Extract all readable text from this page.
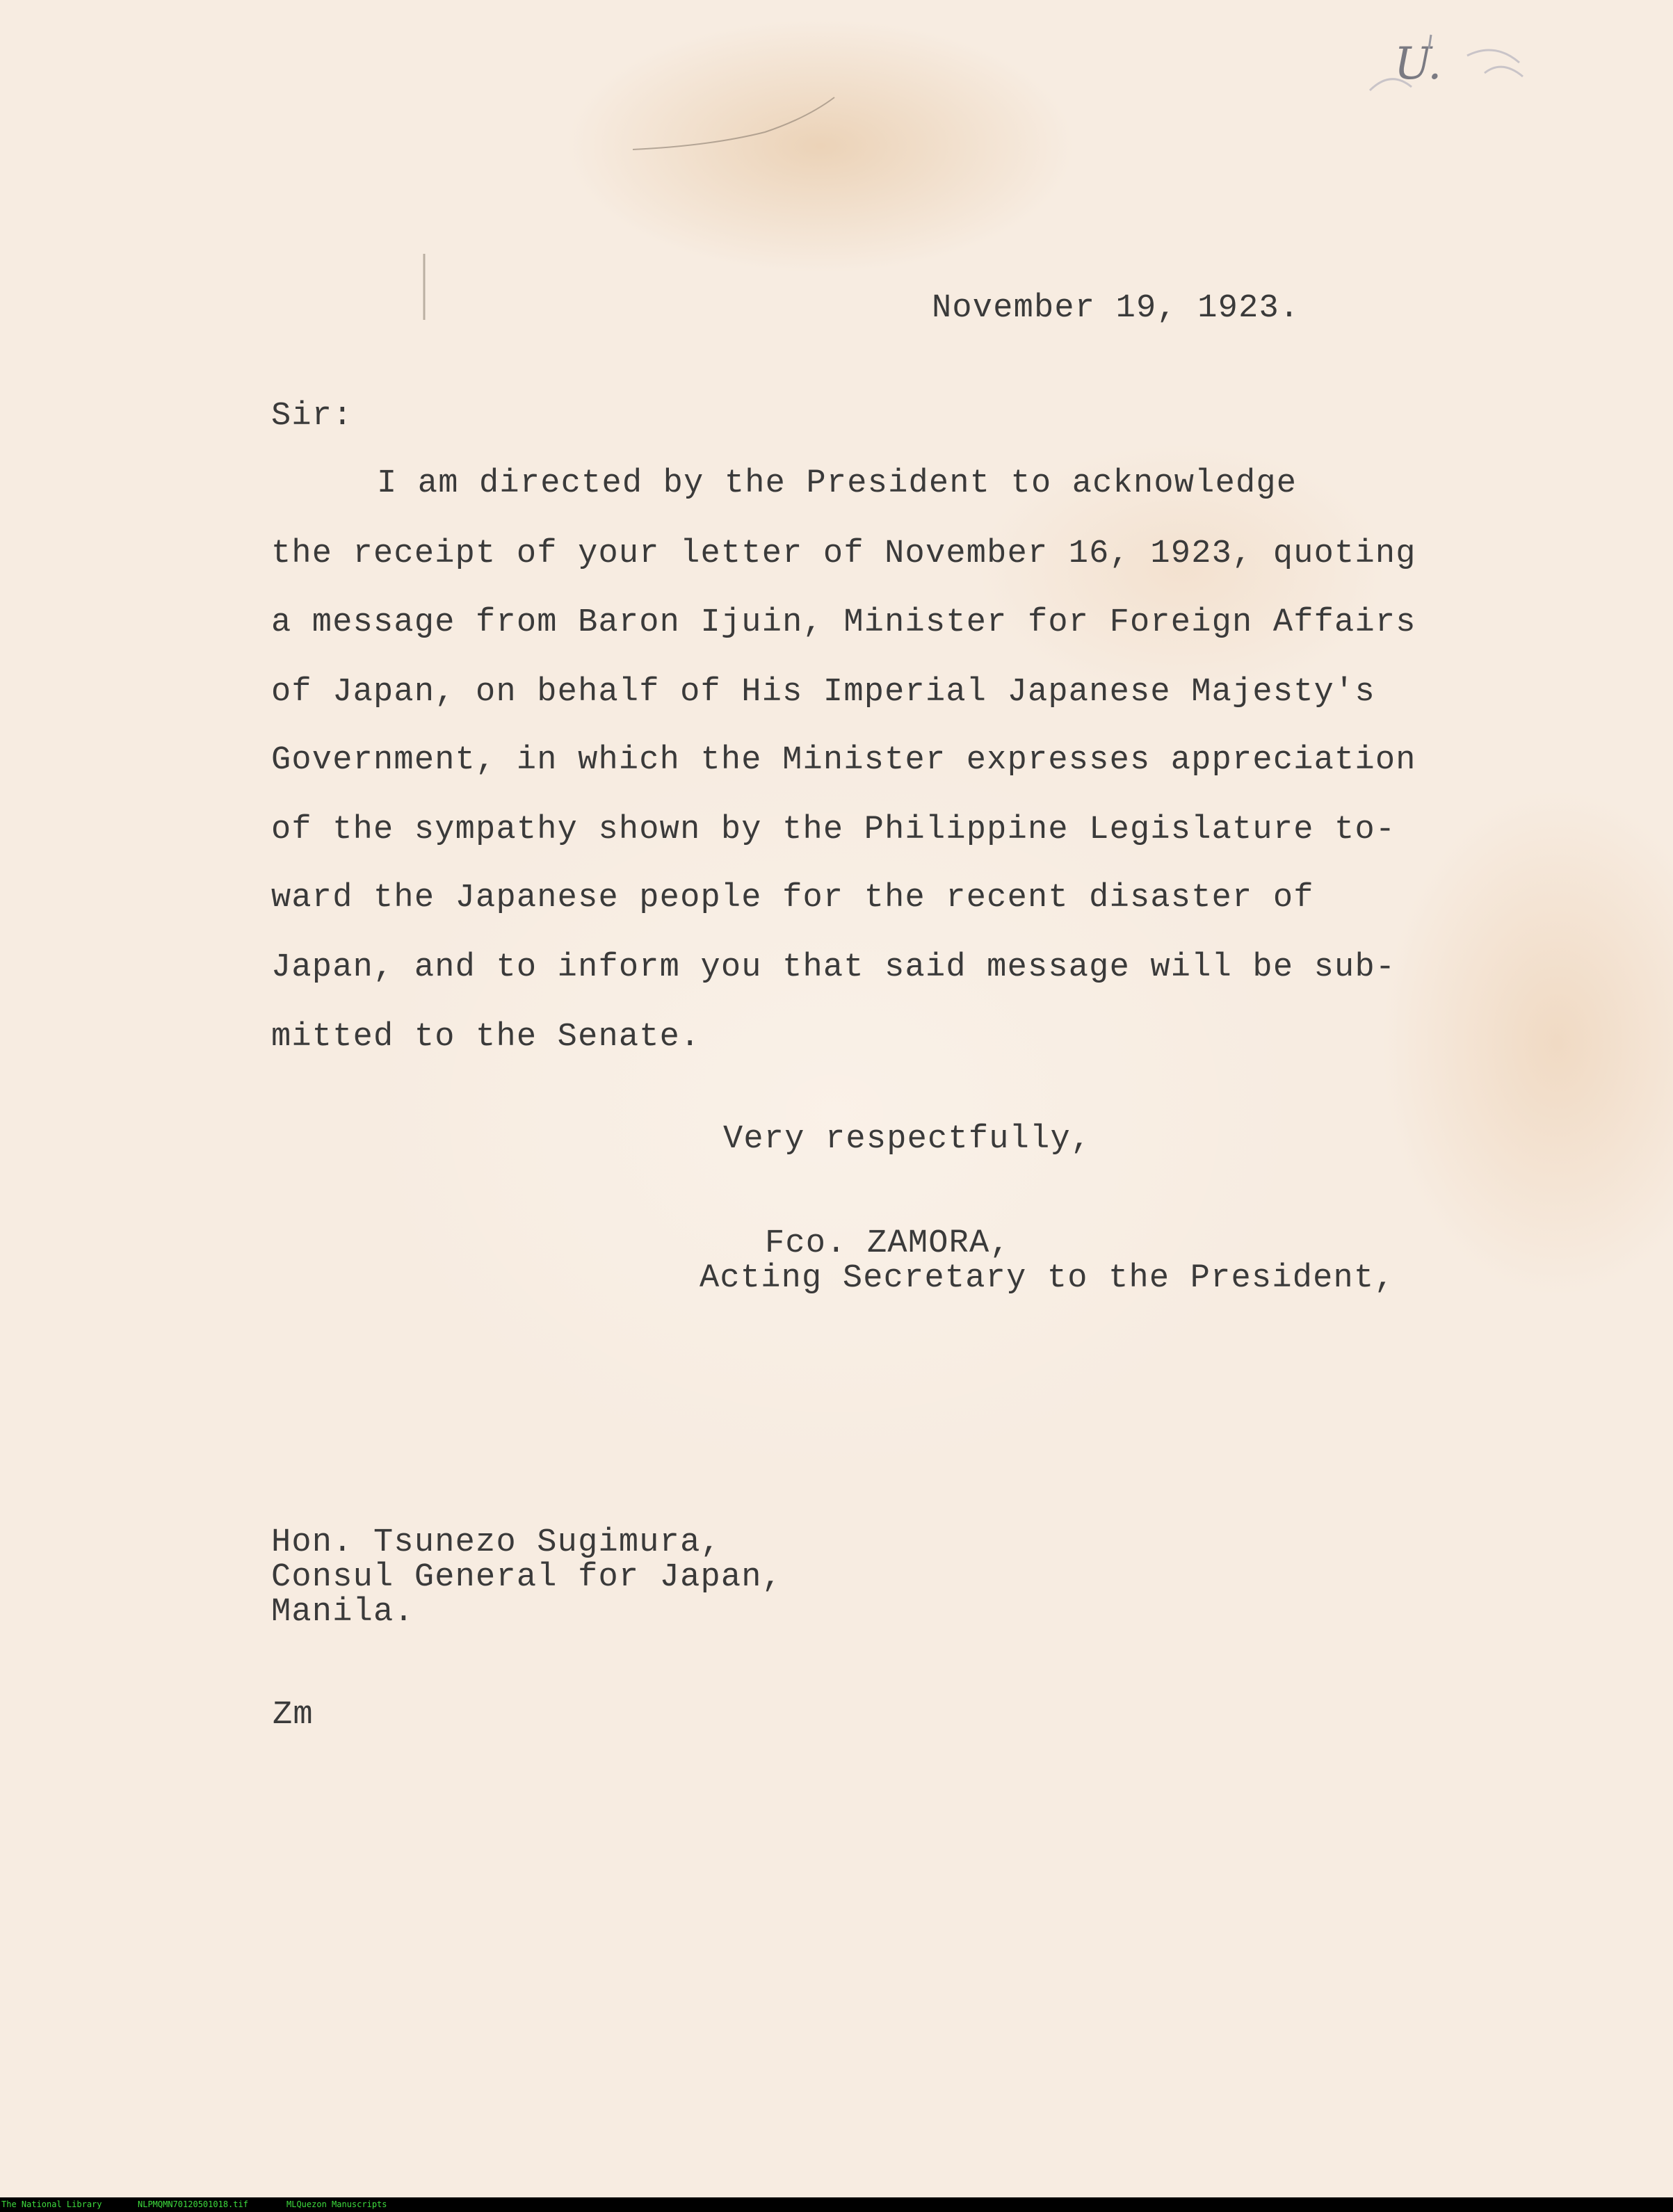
U.
November 19, 1923.
Sir:
I am directed by the President to acknowledge
the receipt of your letter of November 16, 1923, quoting
a message from Baron Ijuin, Minister for Foreign Affairs
of Japan, on behalf of His Imperial Japanese Majesty's
Government, in which the Minister expresses appreciation
of the sympathy shown by the Philippine Legislature to-
ward the Japanese people for the recent disaster of
Japan, and to inform you that said message will be sub-
mitted to the Senate.
Very respectfully,
Fco. ZAMORA,
Acting Secretary to the President,
Hon. Tsunezo Sugimura,
Consul General for Japan,
Manila.
Zm
The National Library	NLPMQMN70120501018.tif	MLQuezon Manuscripts
